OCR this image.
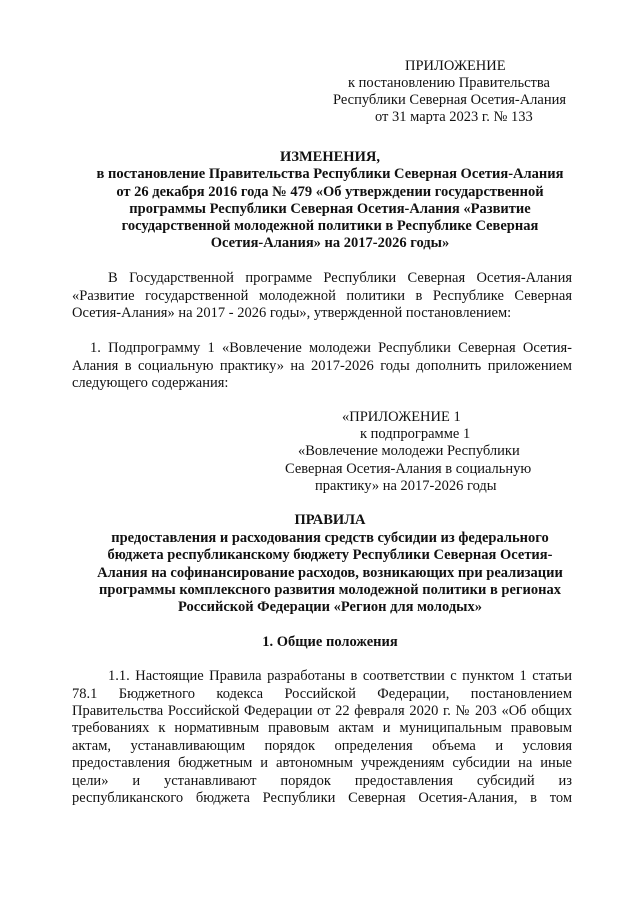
ПРИЛОЖЕНИЕ
к постановлению Правительства
Республики Северная Осетия-Алания
от 31 марта 2023 г. № 133
ИЗМЕНЕНИЯ,
в постановление Правительства Республики Северная Осетия-Алания
от 26 декабря 2016 года № 479 «Об утверждении государственной
программы Республики Северная Осетия-Алания «Развитие
государственной молодежной политики в Республике Северная
Осетия-Алания» на 2017-2026 годы»
В Государственной программе Республики Северная Осетия-Алания
«Развитие государственной молодежной политики в Республике Северная
Осетия-Алания» на 2017 - 2026 годы», утвержденной постановлением:
1. Подпрограмму 1 «Вовлечение молодежи Республики Северная Осетия-
Алания в социальную практику» на 2017-2026 годы дополнить приложением
следующего содержания:
«ПРИЛОЖЕНИЕ 1
к подпрограмме 1
«Вовлечение молодежи Республики
Северная Осетия-Алания в социальную
практику» на 2017-2026 годы
ПРАВИЛА
предоставления и расходования средств субсидии из федерального
бюджета республиканскому бюджету Республики Северная Осетия-
Алания на софинансирование расходов, возникающих при реализации
программы комплексного развития молодежной политики в регионах
Российской Федерации «Регион для молодых»
1. Общие положения
1.1. Настоящие Правила разработаны в соответствии с пунктом 1 статьи
78.1 Бюджетного кодекса Российской Федерации, постановлением
Правительства Российской Федерации от 22 февраля 2020 г. № 203 «Об общих
требованиях к нормативным правовым актам и муниципальным правовым
актам, устанавливающим порядок определения объема и условия
предоставления бюджетным и автономным учреждениям субсидии на иные
цели» и устанавливают порядок предоставления субсидий из
республиканского бюджета Республики Северная Осетия-Алания, в том
